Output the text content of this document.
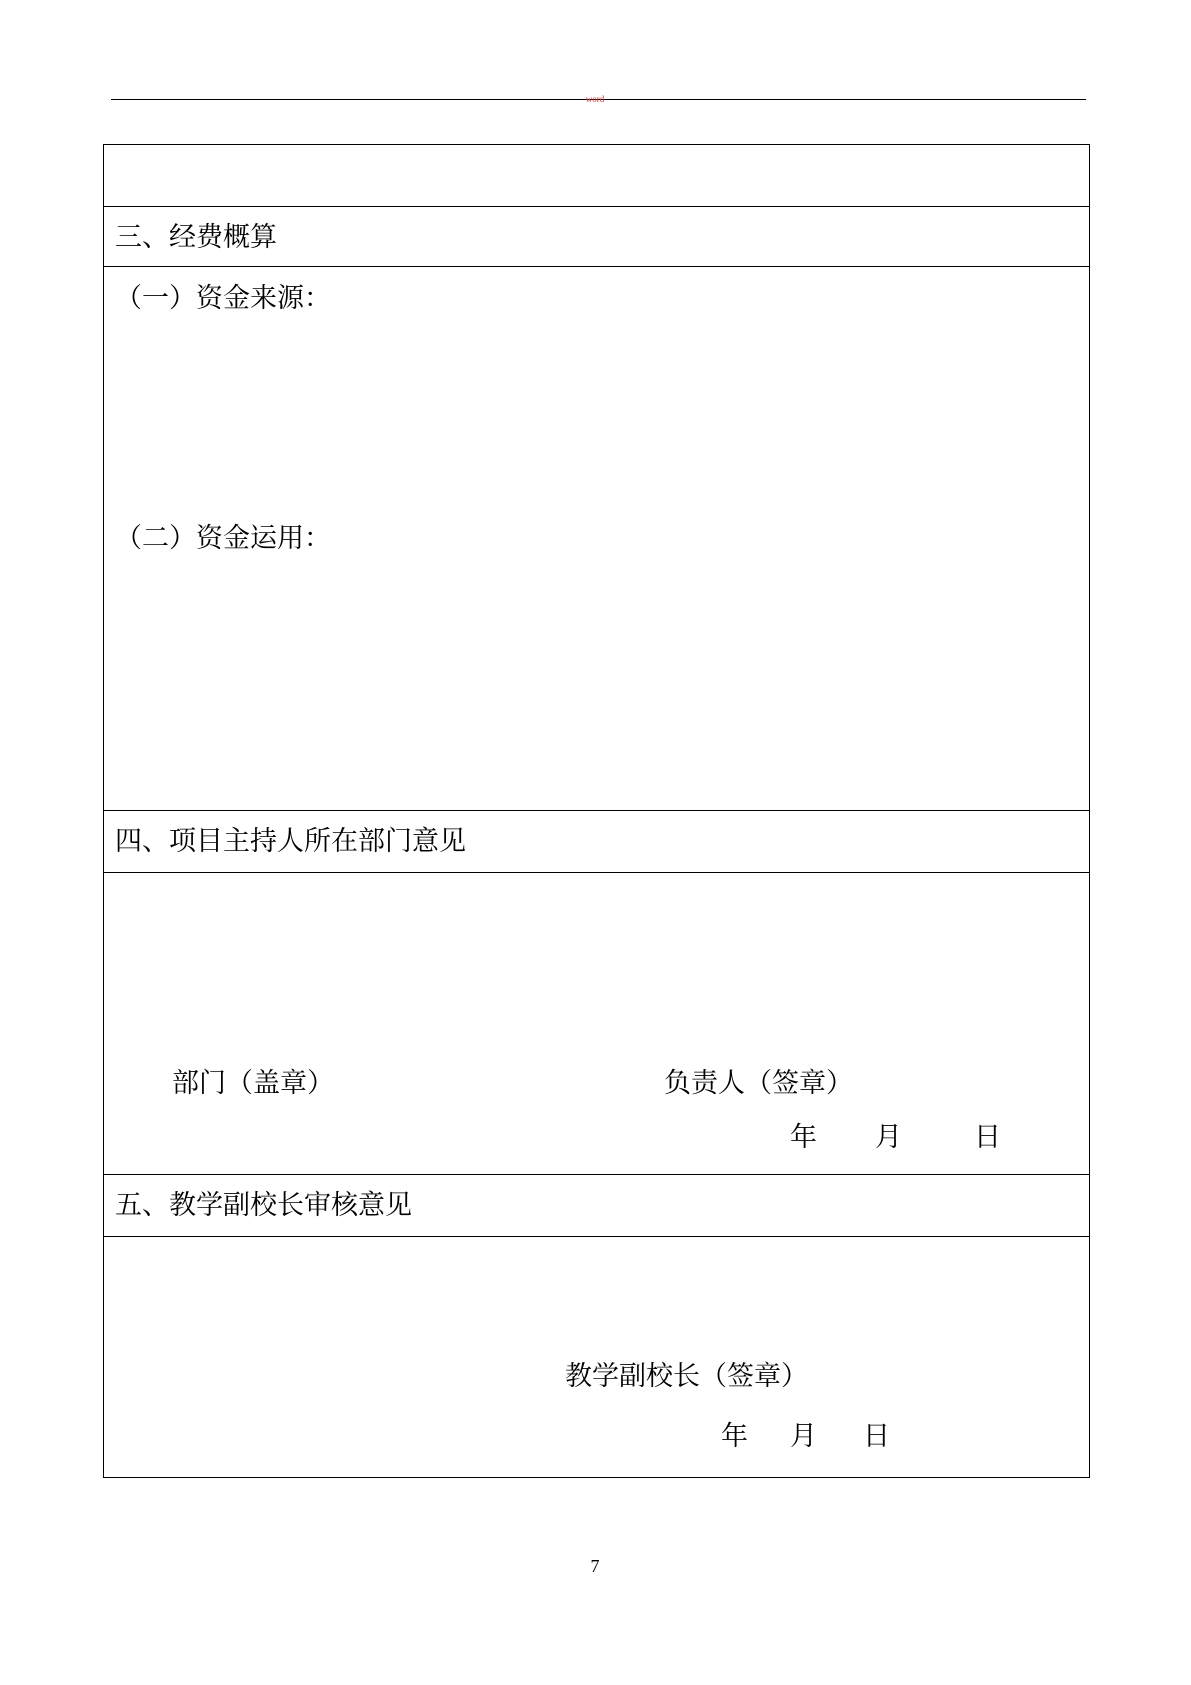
word
三、经费概算
（一）资金来源：
（二）资金运用：
四、项目主持人所在部门意见
部门（盖章）	负责人（签章）
年 月	日
五、教学副校长审核意见
教学副校长（签章）
年 月 日
7
